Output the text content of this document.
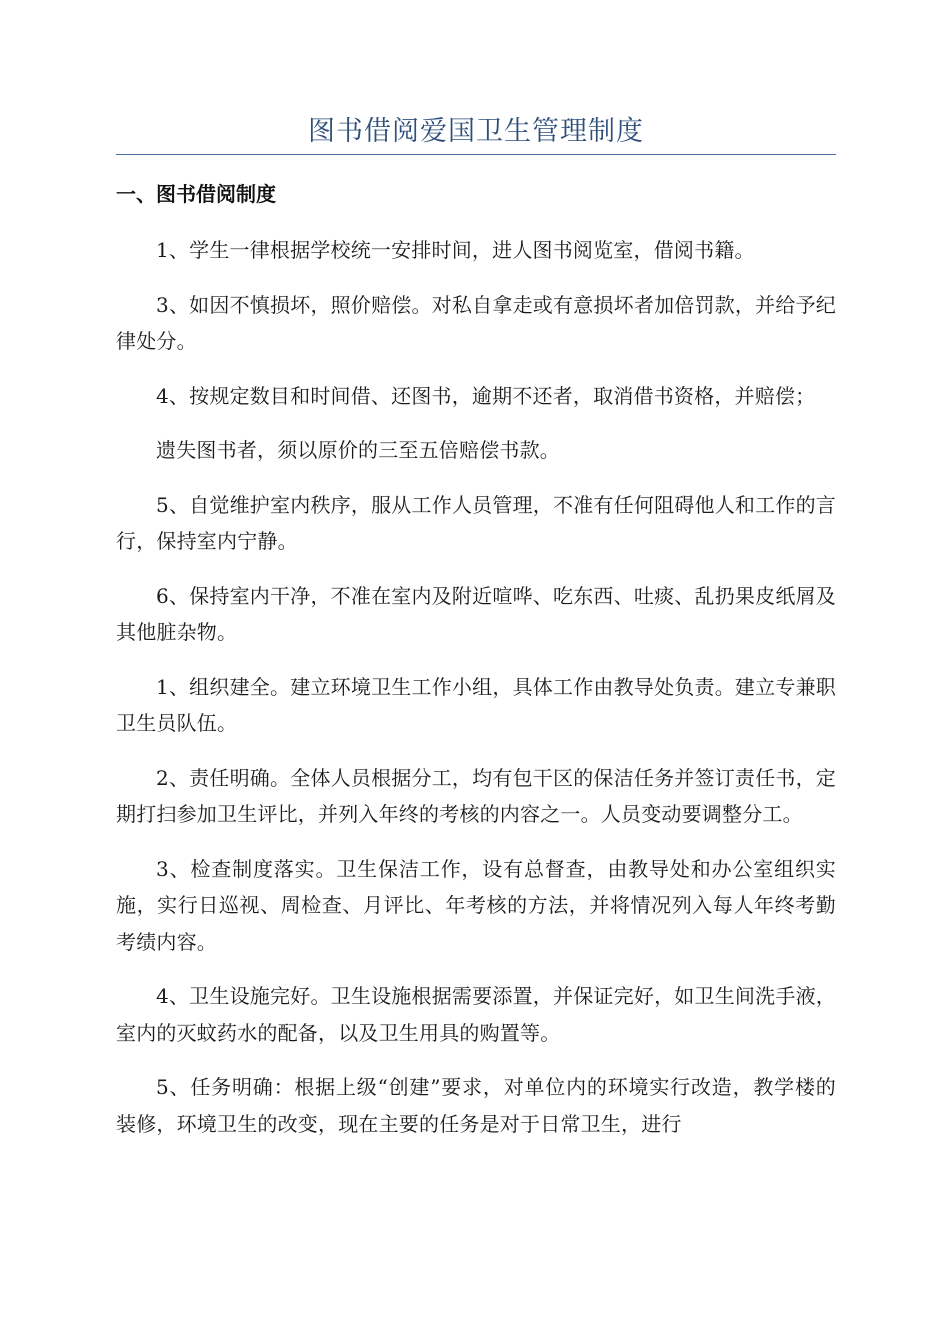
图书借阅爱国卫生管理制度
一、图书借阅制度

1、学生一律根据学校统一安排时间，进人图书阅览室，借阅书籍。

3、如因不慎损坏，照价赔偿。对私自拿走或有意损坏者加倍罚款，并给予纪律处分。

4、按规定数目和时间借、还图书，逾期不还者，取消借书资格，并赔偿；

遗失图书者，须以原价的三至五倍赔偿书款。

5、自觉维护室内秩序，服从工作人员管理，不准有任何阻碍他人和工作的言行，保持室内宁静。

6、保持室内干净，不准在室内及附近喧哗、吃东西、吐痰、乱扔果皮纸屑及其他脏杂物。

1、组织建全。建立环境卫生工作小组，具体工作由教导处负责。建立专兼职卫生员队伍。

2、责任明确。全体人员根据分工，均有包干区的保洁任务并签订责任书，定期打扫参加卫生评比，并列入年终的考核的内容之一。人员变动要调整分工。

3、检查制度落实。卫生保洁工作，设有总督查，由教导处和办公室组织实施，实行日巡视、周检查、月评比、年考核的方法，并将情况列入每人年终考勤考绩内容。

4、卫生设施完好。卫生设施根据需要添置，并保证完好，如卫生间洗手液，室内的灭蚊药水的配备，以及卫生用具的购置等。

5、任务明确：根据上级“创建”要求，对单位内的环境实行改造，教学楼的装修，环境卫生的改变，现在主要的任务是对于日常卫生，进行
